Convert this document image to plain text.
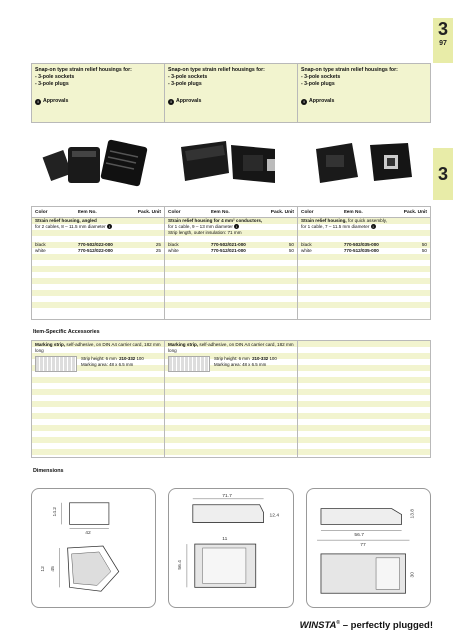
3
97
3
Snap-on type strain relief housings for:
- 3-pole sockets
- 3-pole plugs
i Approvals
Snap-on type strain relief housings for:
- 3-pole sockets
- 3-pole plugs
i Approvals
Snap-on type strain relief housings for:
- 3-pole sockets
- 3-pole plugs
i Approvals
Color	Item No.	Pack. Unit
Strain relief housing, angled
for 2 cables, 8 – 11.5 mm diameter i

black	770-502/022-000	25
white	770-512/022-000	25
Color	Item No.	Pack. Unit
Strain relief housing for 4 mm² conductors,
for 1 cable, 9 – 13 mm diameter i
Strip length, outer insulation: 71 mm

black	770-502/021-000	50
white	770-512/021-000	50
Color	Item No.	Pack. Unit
Strain relief housing, for quick assembly,
for 1 cable, 7 – 11.5 mm diameter i

black	770-502/035-000	50
white	770-512/035-000	50
Item-Specific Accessories
Marking strip, self-adhesive, on DIN A4 carrier card, 182 mm long
Strip height: 6 mm 210-332 100
Marking area: 48 x 6.5 mm
Marking strip, self-adhesive, on DIN A4 carrier card, 182 mm long
Strip height: 6 mm 210-332 100
Marking area: 48 x 6.5 mm
Dimensions
14.2
42
45
12
71.7
12.4
56.4
11
56.7
77
13.8
30
WINSTA® – perfectly plugged!
